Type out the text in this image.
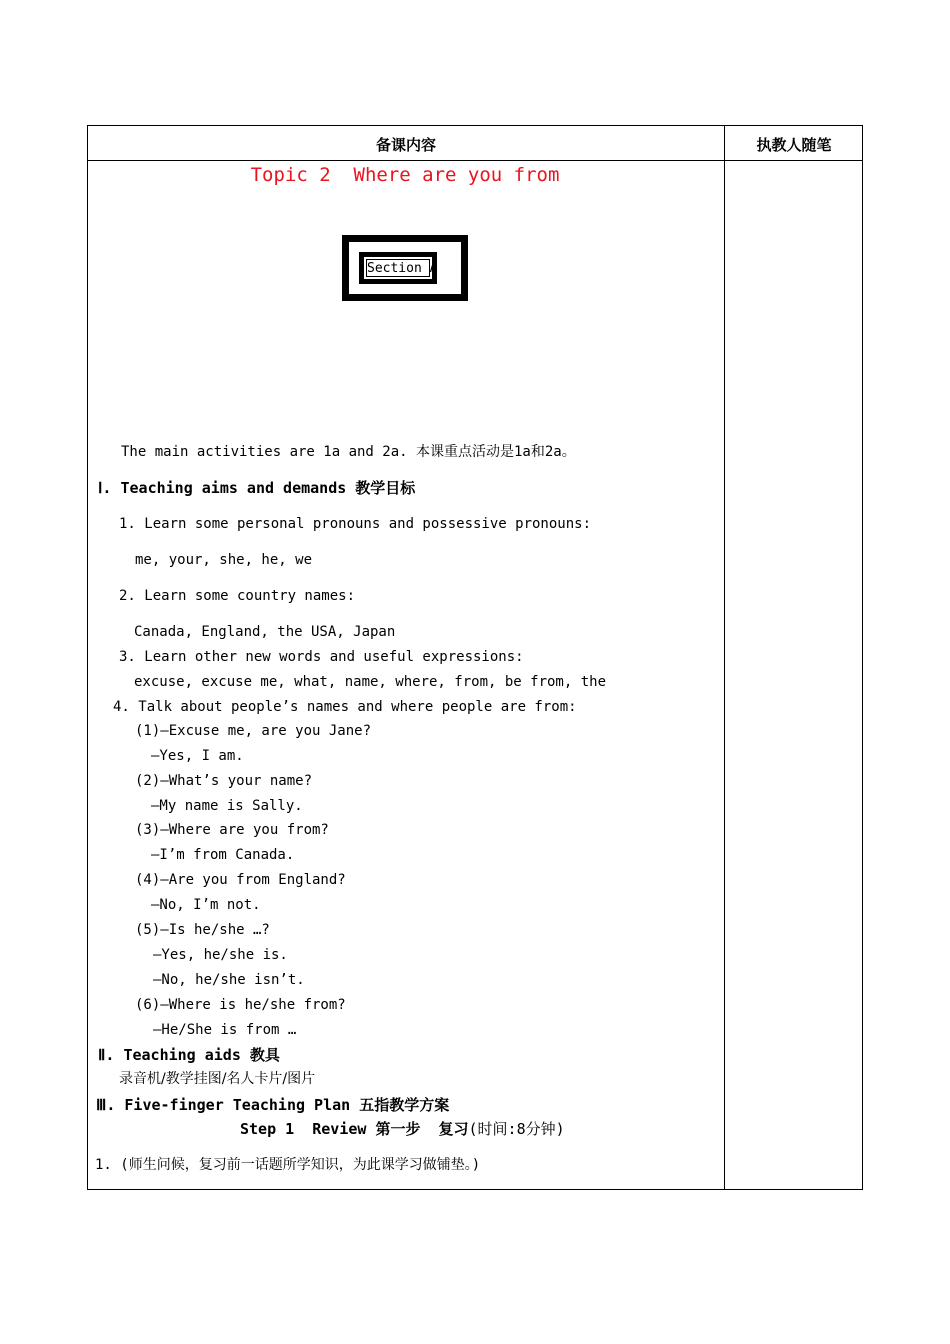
备课内容	执教人随笔
Topic 2  Where are you from
Section A
The main activities are 1a and 2a. 本课重点活动是1a和2a。
Ⅰ. Teaching aims and demands 教学目标
1. Learn some personal pronouns and possessive pronouns:
me, your, she, he, we
2. Learn some country names:
Canada, England, the USA, Japan
3. Learn other new words and useful expressions:
excuse, excuse me, what, name, where, from, be from, the
4. Talk about people’s names and where people are from:
(1)—Excuse me, are you Jane?
—Yes, I am.
(2)—What’s your name?
—My name is Sally.
(3)—Where are you from?
—I’m from Canada.
(4)—Are you from England?
—No, I’m not.
(5)—Is he/she …?
—Yes, he/she is.
—No, he/she isn’t.
(6)—Where is he/she from?
—He/She is from …
Ⅱ. Teaching aids 教具
录音机/教学挂图/名人卡片/图片
Ⅲ. Five-finger Teaching Plan 五指教学方案
Step 1  Review 第一步  复习(时间:8分钟)
1. (师生问候，复习前一话题所学知识，为此课学习做铺垫。)
